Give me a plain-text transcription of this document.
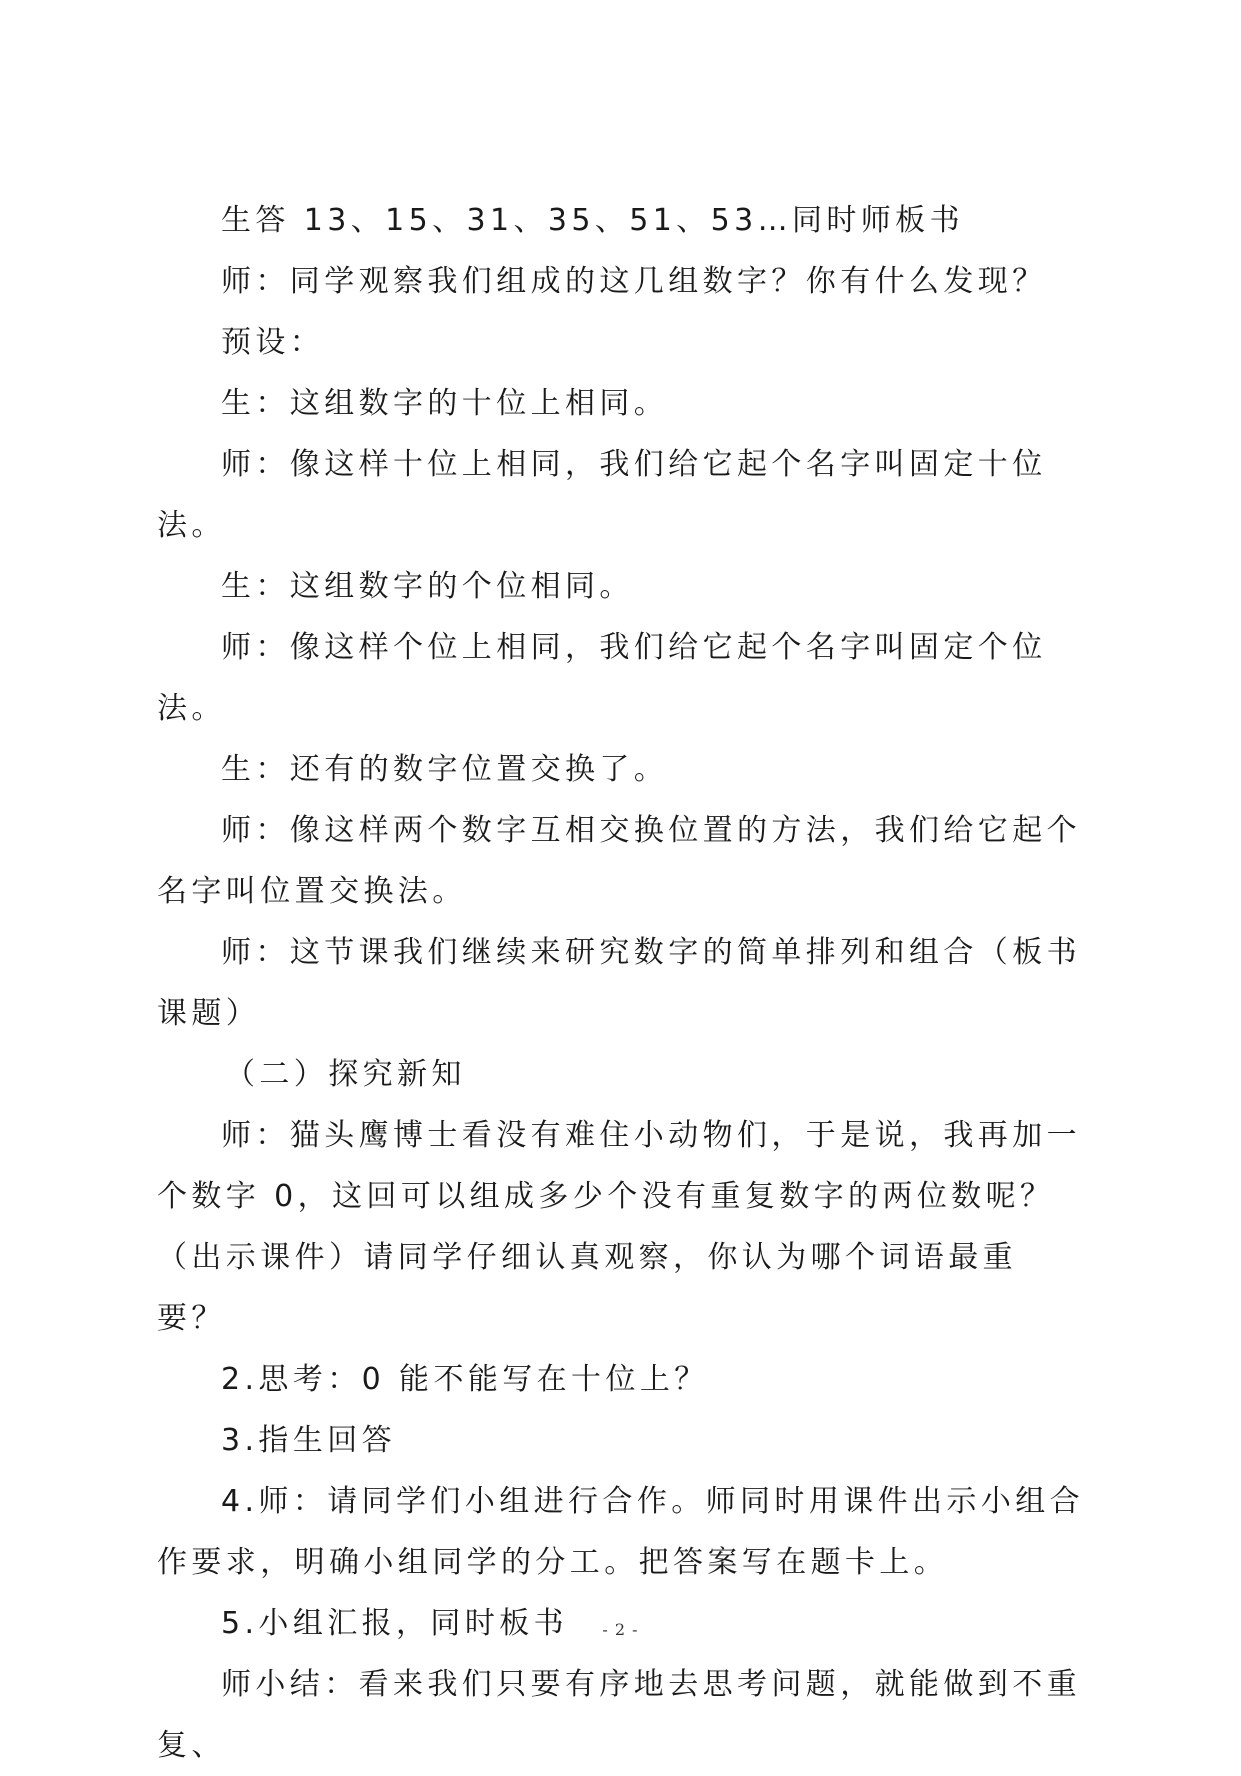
生答 13、15、31、35、51、53…同时师板书

师：同学观察我们组成的这几组数字？你有什么发现？

预设：

生：这组数字的十位上相同。

师：像这样十位上相同，我们给它起个名字叫固定十位法。

生：这组数字的个位相同。

师：像这样个位上相同，我们给它起个名字叫固定个位法。

生：还有的数字位置交换了。

师：像这样两个数字互相交换位置的方法，我们给它起个名字叫位置交换法。

师：这节课我们继续来研究数字的简单排列和组合（板书课题）

（二）探究新知

师：猫头鹰博士看没有难住小动物们，于是说，我再加一个数字 0，这回可以组成多少个没有重复数字的两位数呢？（出示课件）请同学仔细认真观察，你认为哪个词语最重要？

2.思考：0 能不能写在十位上？

3.指生回答

4.师：请同学们小组进行合作。师同时用课件出示小组合作要求，明确小组同学的分工。把答案写在题卡上。

5.小组汇报，同时板书

师小结：看来我们只要有序地去思考问题，就能做到不重复、

- 2 -
